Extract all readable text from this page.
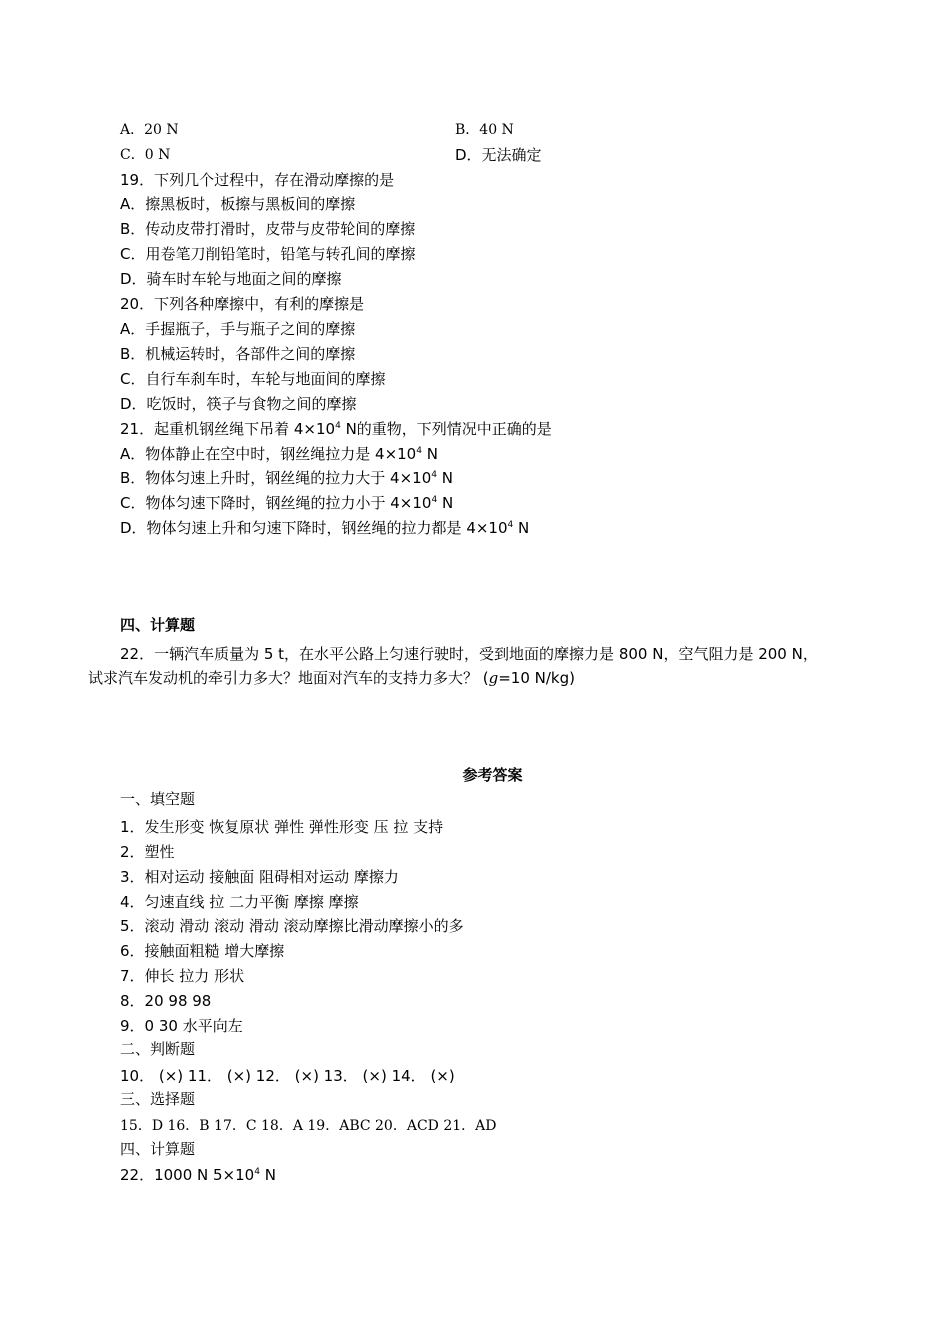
A．20 N	B．40 N
C．0 N	D．无法确定
19．下列几个过程中，存在滑动摩擦的是
A．擦黑板时，板擦与黑板间的摩擦
B．传动皮带打滑时，皮带与皮带轮间的摩擦
C．用卷笔刀削铅笔时，铅笔与转孔间的摩擦
D．骑车时车轮与地面之间的摩擦
20．下列各种摩擦中，有利的摩擦是
A．手握瓶子，手与瓶子之间的摩擦
B．机械运转时，各部件之间的摩擦
C．自行车刹车时，车轮与地面间的摩擦
D．吃饭时，筷子与食物之间的摩擦
21．起重机钢丝绳下吊着 $4\times 10^4$ N的重物，下列情况中正确的是
A．物体静止在空中时，钢丝绳拉力是 $4\times 10^4$ N
B．物体匀速上升时，钢丝绳的拉力大于 $4\times 10^4$ N
C．物体匀速下降时，钢丝绳的拉力小于 $4\times 10^4$ N
D．物体匀速上升和匀速下降时，钢丝绳的拉力都是 $4\times 10^4$ N
四、计算题
22．一辆汽车质量为 5 t，在水平公路上匀速行驶时，受到地面的摩擦力是 800 N，空气阻力是 200 N，
试求汽车发动机的牵引力多大？地面对汽车的支持力多大？ (g=10 N/kg)
参考答案
一、填空题
1．发生形变 恢复原状 弹性 弹性形变 压 拉 支持
2．塑性
3．相对运动 接触面 阻碍相对运动 摩擦力
4．匀速直线 拉 二力平衡 摩擦 摩擦
5．滚动 滑动 滚动 滑动 滚动摩擦比滑动摩擦小的多
6．接触面粗糙 增大摩擦
7．伸长 拉力 形状
8．20 98 98
9．0 30 水平向左
二、判断题
10． (×) 11． (×) 12． (×) 13． (×) 14． (×)
三、选择题
15．D 16．B 17．C 18．A 19．ABC 20．ACD 21．AD
四、计算题
22．1000 N $5\times 10^4$ N
